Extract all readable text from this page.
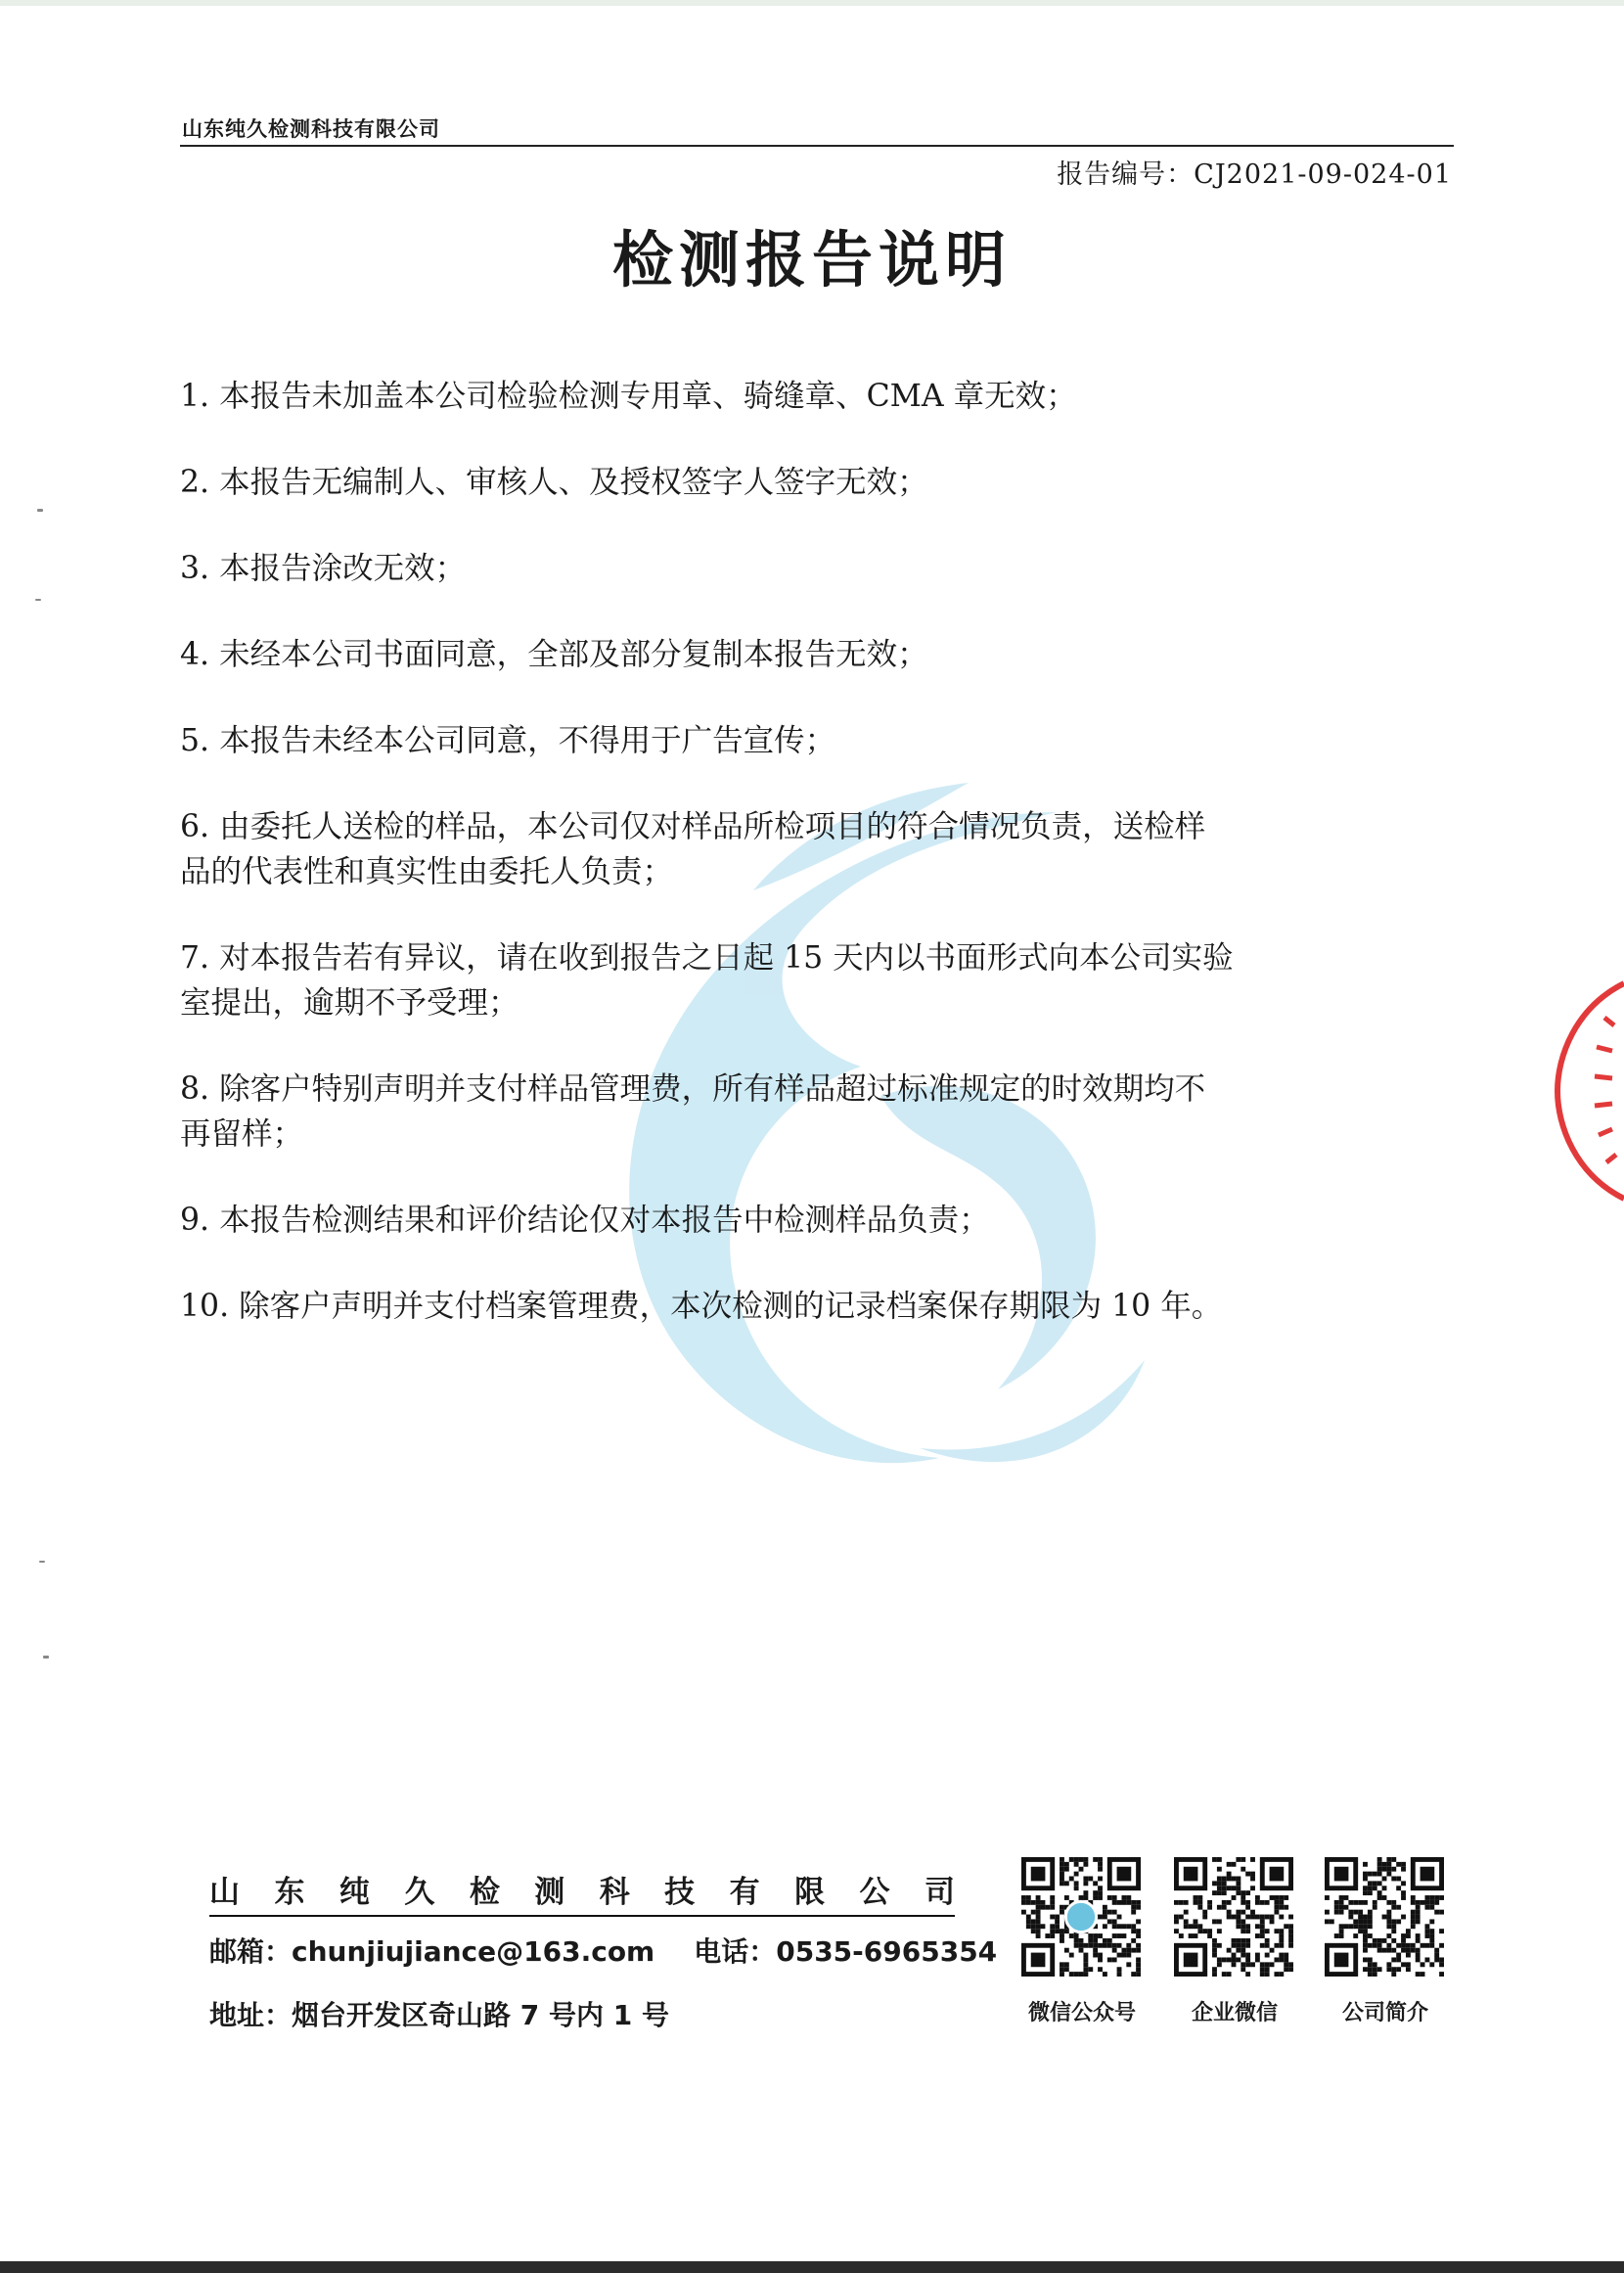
山东纯久检测科技有限公司
报告编号：CJ2021-09-024-01
检测报告说明
1. 本报告未加盖本公司检验检测专用章、骑缝章、CMA 章无效；
2. 本报告无编制人、审核人、及授权签字人签字无效；
3. 本报告涂改无效；
4. 未经本公司书面同意，全部及部分复制本报告无效；
5. 本报告未经本公司同意，不得用于广告宣传；
6. 由委托人送检的样品，本公司仅对样品所检项目的符合情况负责，送检样
品的代表性和真实性由委托人负责；
7. 对本报告若有异议，请在收到报告之日起 15 天内以书面形式向本公司实验
室提出，逾期不予受理；
8. 除客户特别声明并支付样品管理费，所有样品超过标准规定的时效期均不
再留样；
9. 本报告检测结果和评价结论仅对本报告中检测样品负责；
10. 除客户声明并支付档案管理费，本次检测的记录档案保存期限为 10 年。
山 东 纯 久 检 测 科 技 有 限 公 司
邮箱：chunjiujiance@163.com 电话：0535-6965354
地址：烟台开发区奇山路 7 号内 1 号	微信公众号	企业微信	公司简介
